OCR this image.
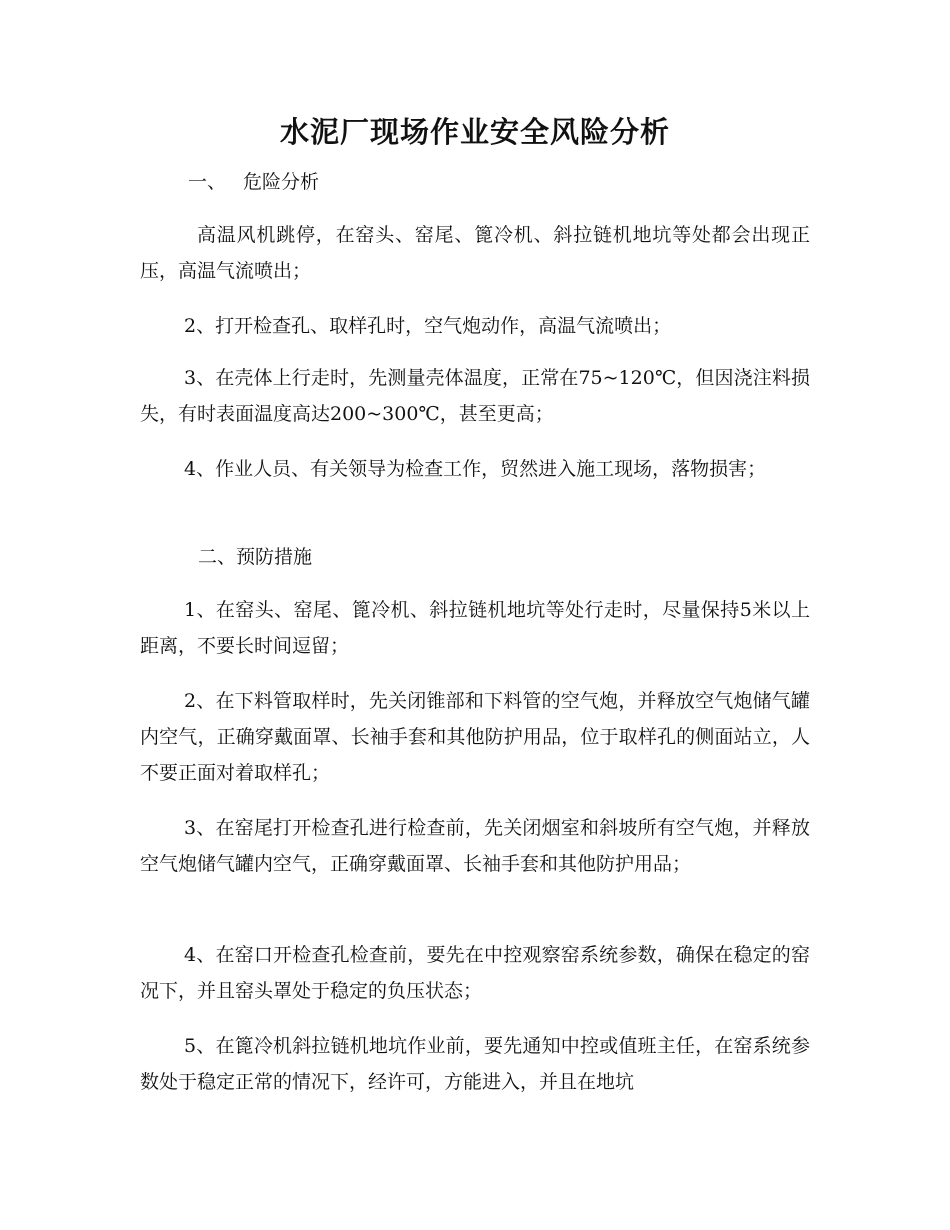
水泥厂现场作业安全风险分析
一、 危险分析
高温风机跳停，在窑头、窑尾、篦冷机、斜拉链机地坑等处都会出现正压，高温气流喷出；
2、打开检查孔、取样孔时，空气炮动作，高温气流喷出；
3、在壳体上行走时，先测量壳体温度，正常在75~120℃，但因浇注料损失，有时表面温度高达200~300℃，甚至更高；
4、作业人员、有关领导为检查工作，贸然进入施工现场，落物损害；
二、预防措施
1、在窑头、窑尾、篦冷机、斜拉链机地坑等处行走时，尽量保持5米以上距离，不要长时间逗留；
2、在下料管取样时，先关闭锥部和下料管的空气炮，并释放空气炮储气罐内空气，正确穿戴面罩、长袖手套和其他防护用品，位于取样孔的侧面站立，人不要正面对着取样孔；
3、在窑尾打开检查孔进行检查前，先关闭烟室和斜坡所有空气炮，并释放空气炮储气罐内空气，正确穿戴面罩、长袖手套和其他防护用品；
4、在窑口开检查孔检查前，要先在中控观察窑系统参数，确保在稳定的窑况下，并且窑头罩处于稳定的负压状态；
5、在篦冷机斜拉链机地坑作业前，要先通知中控或值班主任，在窑系统参数处于稳定正常的情况下，经许可，方能进入，并且在地坑
